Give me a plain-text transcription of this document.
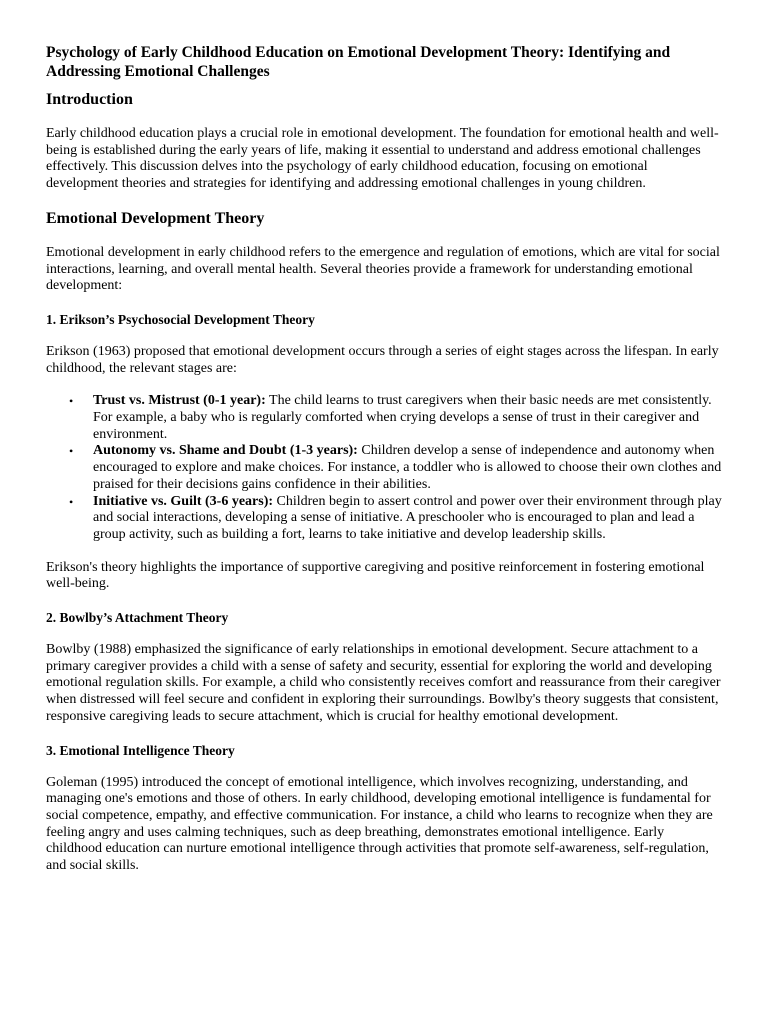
Psychology of Early Childhood Education on Emotional Development Theory: Identifying and Addressing Emotional Challenges
Introduction

Early childhood education plays a crucial role in emotional development. The foundation for emotional health and well-being is established during the early years of life, making it essential to understand and address emotional challenges effectively. This discussion delves into the psychology of early childhood education, focusing on emotional development theories and strategies for identifying and addressing emotional challenges in young children.

Emotional Development Theory

Emotional development in early childhood refers to the emergence and regulation of emotions, which are vital for social interactions, learning, and overall mental health. Several theories provide a framework for understanding emotional development:

1. Erikson’s Psychosocial Development Theory

Erikson (1963) proposed that emotional development occurs through a series of eight stages across the lifespan. In early childhood, the relevant stages are:

• Trust vs. Mistrust (0-1 year): The child learns to trust caregivers when their basic needs are met consistently. For example, a baby who is regularly comforted when crying develops a sense of trust in their caregiver and environment.
• Autonomy vs. Shame and Doubt (1-3 years): Children develop a sense of independence and autonomy when encouraged to explore and make choices. For instance, a toddler who is allowed to choose their own clothes and praised for their decisions gains confidence in their abilities.
• Initiative vs. Guilt (3-6 years): Children begin to assert control and power over their environment through play and social interactions, developing a sense of initiative. A preschooler who is encouraged to plan and lead a group activity, such as building a fort, learns to take initiative and develop leadership skills.

Erikson's theory highlights the importance of supportive caregiving and positive reinforcement in fostering emotional well-being.

2. Bowlby’s Attachment Theory

Bowlby (1988) emphasized the significance of early relationships in emotional development. Secure attachment to a primary caregiver provides a child with a sense of safety and security, essential for exploring the world and developing emotional regulation skills. For example, a child who consistently receives comfort and reassurance from their caregiver when distressed will feel secure and confident in exploring their surroundings. Bowlby's theory suggests that consistent, responsive caregiving leads to secure attachment, which is crucial for healthy emotional development.

3. Emotional Intelligence Theory

Goleman (1995) introduced the concept of emotional intelligence, which involves recognizing, understanding, and managing one's emotions and those of others. In early childhood, developing emotional intelligence is fundamental for social competence, empathy, and effective communication. For instance, a child who learns to recognize when they are feeling angry and uses calming techniques, such as deep breathing, demonstrates emotional intelligence. Early childhood education can nurture emotional intelligence through activities that promote self-awareness, self-regulation, and social skills.
